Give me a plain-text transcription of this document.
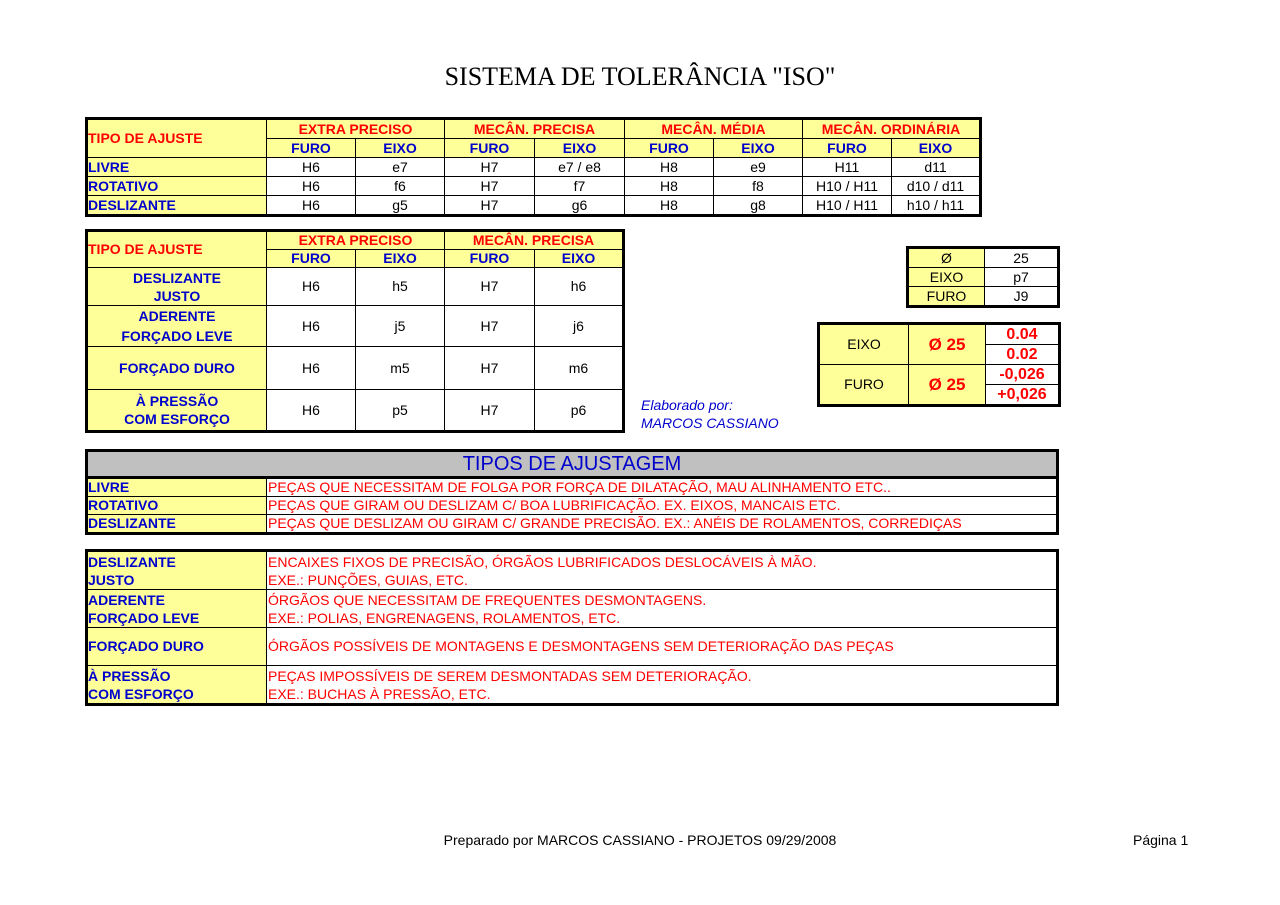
SISTEMA DE TOLERÂNCIA "ISO"
TIPO DE AJUSTE	EXTRA PRECISO		MECÂN. PRECISA		MECÂN. MÉDIA		MECÂN. ORDINÁRIA	
	FURO	EIXO	FURO	EIXO	FURO	EIXO	FURO	EIXO
LIVRE	H6	e7	H7	e7 / e8	H8	e9	H11	d11
ROTATIVO	H6	f6	H7	f7	H8	f8	H10 / H11	d10 / d11
DESLIZANTE	H6	g5	H7	g6	H8	g8	H10 / H11	h10 / h11
TIPO DE AJUSTE	EXTRA PRECISO		MECÂN. PRECISA	
	FURO	EIXO	FURO	EIXO
DESLIZANTE
JUSTO	H6	h5	H7	h6
ADERENTE
FORÇADO LEVE	H6	j5	H7	j6
FORÇADO DURO	H6	m5	H7	m6
À PRESSÃO
COM ESFORÇO	H6	p5	H7	p6
Ø	25
EIXO	p7
FURO	J9
EIXO	Ø 25	0.04
		0.02
FURO	Ø 25	-0,026
		+0,026
Elaborado por:
MARCOS CASSIANO
TIPOS DE AJUSTAGEM	
LIVRE	PEÇAS QUE NECESSITAM DE FOLGA POR FORÇA DE DILATAÇÃO, MAU ALINHAMENTO ETC..
ROTATIVO	PEÇAS QUE GIRAM OU DESLIZAM C/ BOA LUBRIFICAÇÃO. EX. EIXOS, MANCAIS ETC.
DESLIZANTE	PEÇAS QUE DESLIZAM OU GIRAM C/ GRANDE PRECISÃO. EX.: ANÉIS DE ROLAMENTOS, CORREDIÇAS
DESLIZANTE
JUSTO	ENCAIXES FIXOS DE PRECISÃO, ÓRGÃOS LUBRIFICADOS DESLOCÁVEIS À MÃO.
EXE.: PUNÇÕES, GUIAS, ETC.
ADERENTE
FORÇADO LEVE	ÓRGÃOS QUE NECESSITAM DE FREQUENTES DESMONTAGENS.
EXE.: POLIAS, ENGRENAGENS, ROLAMENTOS, ETC.
FORÇADO DURO	ÓRGÃOS POSSÍVEIS DE MONTAGENS E DESMONTAGENS SEM DETERIORAÇÃO DAS PEÇAS
À PRESSÃO
COM ESFORÇO	PEÇAS IMPOSSÍVEIS DE SEREM DESMONTADAS SEM DETERIORAÇÃO.
EXE.: BUCHAS À PRESSÃO, ETC.
Preparado por MARCOS CASSIANO - PROJETOS 09/29/2008	Página 1
